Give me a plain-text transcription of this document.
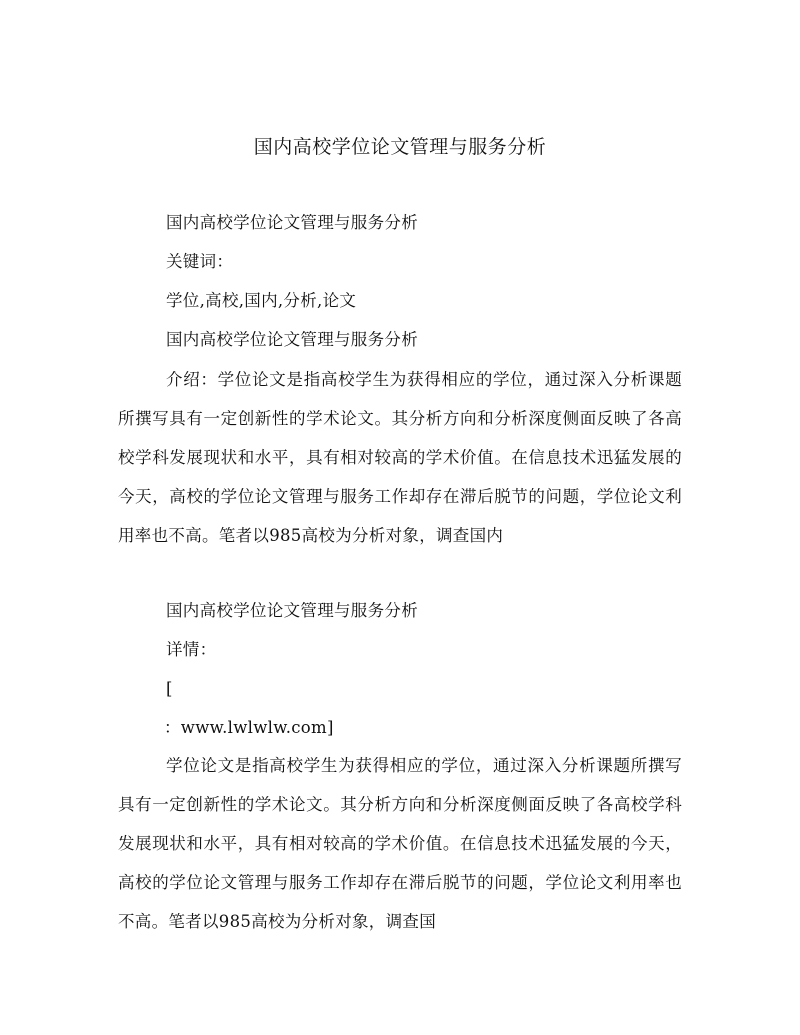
国内高校学位论文管理与服务分析
国内高校学位论文管理与服务分析
关键词：
学位,高校,国内,分析,论文
国内高校学位论文管理与服务分析
介绍：学位论文是指高校学生为获得相应的学位，通过深入分析课题所撰写具有一定创新性的学术论文。其分析方向和分析深度侧面反映了各高校学科发展现状和水平，具有相对较高的学术价值。在信息技术迅猛发展的今天，高校的学位论文管理与服务工作却存在滞后脱节的问题，学位论文利用率也不高。笔者以985高校为分析对象，调查国内
国内高校学位论文管理与服务分析
详情：
[
：www.lwlwlw.com]
学位论文是指高校学生为获得相应的学位，通过深入分析课题所撰写具有一定创新性的学术论文。其分析方向和分析深度侧面反映了各高校学科发展现状和水平，具有相对较高的学术价值。在信息技术迅猛发展的今天，高校的学位论文管理与服务工作却存在滞后脱节的问题，学位论文利用率也不高。笔者以985高校为分析对象，调查国
